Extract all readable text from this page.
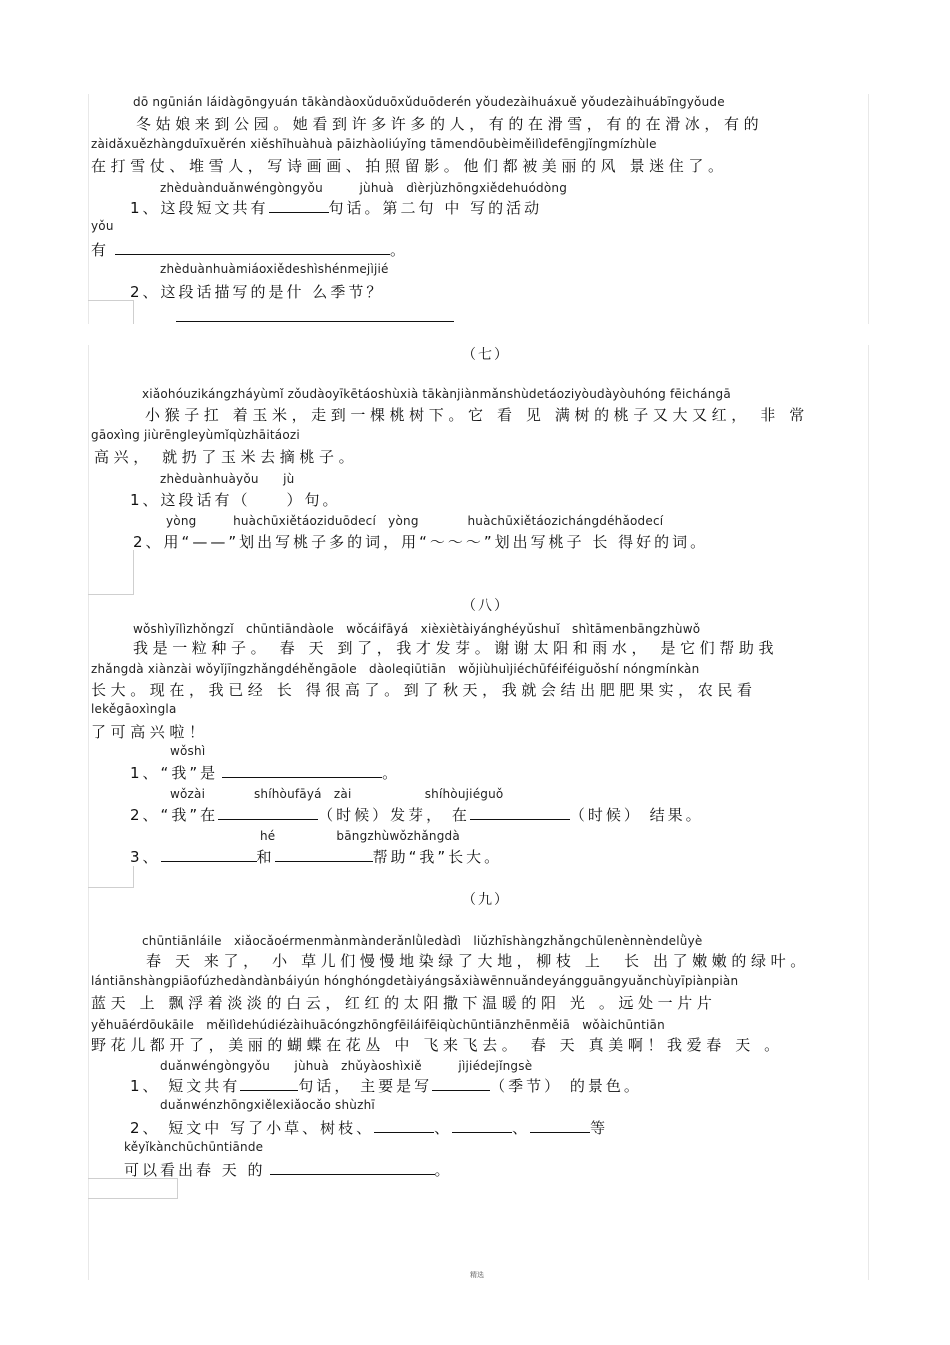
dō ngūnián láidàgōngyuán tākàndàoxǔduōxǔduōderén yǒudezàihuáxuě yǒudezàihuábīngyǒude
冬姑娘来到公园。她看到许多许多的人，有的在滑雪，有的在滑冰，有的
zàidǎxuězhàngduīxuěrén xiěshīhuàhuà pāizhàoliúyǐng tāmendōubèiměilìdefēngjǐngmízhùle
在打雪仗、堆雪人，写诗画画、拍照留影。他们都被美丽的风 景迷住了。
zhèduànduǎnwéngòngyǒu　　　jùhuà　dìèrjùzhōngxiědehuódòng
1、这段短文共有	句话。第二句 中 写的活动
yǒu
有	。
zhèduànhuàmiáoxiědeshìshénmejìjié
2、这段话描写的是什 么季节？
（七）
xiǎohóuzikángzháyùmǐ zǒudàoyīkētáoshùxià tākànjiànmǎnshùdetáoziyòudàyòuhóng fēichángā
小猴子扛 着玉米，走到一棵桃树下。它 看 见 满树的桃子又大又红， 非 常
gāoxìng jiùrēngleyùmǐqùzhāitáozi
高兴， 就扔了玉米去摘桃子。
zhèduànhuàyǒu　　jù
1、这段话有（　　）句。
yòng　　　huàchūxiětáoziduōdecí　yòng　　　　huàchūxiětáozichángdéhǎodecí
2、用“——”划出写桃子多的词，用“～～～”划出写桃子 长 得好的词。
（八）
wǒshìyīlìzhǒngzǐ　chūntiāndàole　wǒcáifāyá　xièxiètàiyánghéyǔshuǐ　shìtāmenbāngzhùwǒ
我是一粒种子。 春 天 到了，我才发芽。谢谢太阳和雨水， 是它们帮助我
zhǎngdà xiànzài wǒyǐjīngzhǎngdéhěngāole　dàoleqiūtiān　wǒjiùhuìjiéchūféiféiguǒshí nóngmínkàn
长大。现在，我已经 长 得很高了。到了秋天，我就会结出肥肥果实，农民看
lekěgāoxìngla
了可高兴啦！
wǒshì
1、“我”是	。
wǒzài　　　　shíhòufāyá　zài　　　　　　shíhòujiéguǒ
2、“我”在	（时候）发芽， 在	（时候） 结果。
hé　　　　　bāngzhùwǒzhǎngdà
3、	和	帮助“我”长大。
（九）
chūntiānláile　xiǎocǎoérmenmànmànderǎnlǜledàdì　liǔzhīshàngzhǎngchūlenènnèndelǜyè
春 天 来了， 小 草儿们慢慢地染绿了大地，柳枝 上　长 出了嫩嫩的绿叶。
lántiānshàngpiāofúzhedàndànbáiyún hónghóngdetàiyángsǎxiàwēnnuǎndeyángguāngyuǎnchùyīpiànpiàn
蓝天 上 飘浮着淡淡的白云，红红的太阳撒下温暖的阳 光 。远处一片片
yěhuāérdōukāile　měilìdehúdiézàihuācóngzhōngfēiláifēiqùchūntiānzhēnměiā　wǒàichūntiān
野花儿都开了，美丽的蝴蝶在花丛 中 飞来飞去。 春 天 真美啊！我爱春 天 。
duǎnwéngòngyǒu　　jùhuà　zhǔyàoshìxiě　　　jìjiédejǐngsè
1、 短文共有	句话， 主要是写	（季节） 的景色。
duǎnwénzhōngxiělexiǎocǎo shùzhī
2、 短文中 写了小草、树枝、	、	、	等
kěyǐkànchūchūntiānde
可以看出春 天 的	。
精选
